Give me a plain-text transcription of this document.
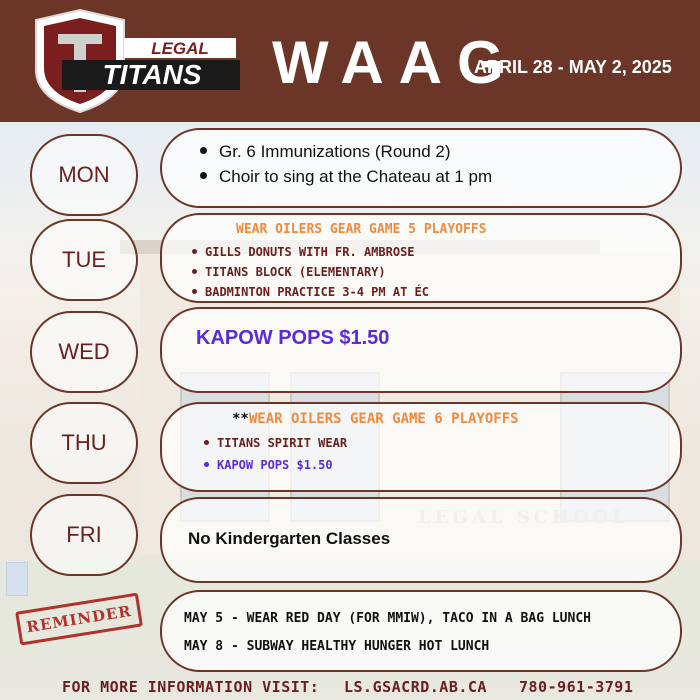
LEGAL
TITANS WAAG
APRIL 28 - MAY 2, 2025
MON
Gr. 6 Immunizations (Round 2)
Choir to sing at the Chateau at 1 pm
TUE
WEAR OILERS GEAR GAME 5 PLAYOFFS
GILLS DONUTS WITH FR. AMBROSE
TITANS BLOCK (ELEMENTARY)
BADMINTON PRACTICE 3-4 PM AT ÉC
WED
KAPOW POPS $1.50
THU
**WEAR OILERS GEAR GAME 6 PLAYOFFS
TITANS SPIRIT WEAR
KAPOW POPS $1.50
FRI	No Kindergarten Classes
REMINDER	MAY 5 - WEAR RED DAY (FOR MMIW), TACO IN A BAG LUNCH
MAY 8 - SUBWAY HEALTHY HUNGER HOT LUNCH
FOR MORE INFORMATION VISIT: LS.GSACRD.AB.CA 780-961-3791
